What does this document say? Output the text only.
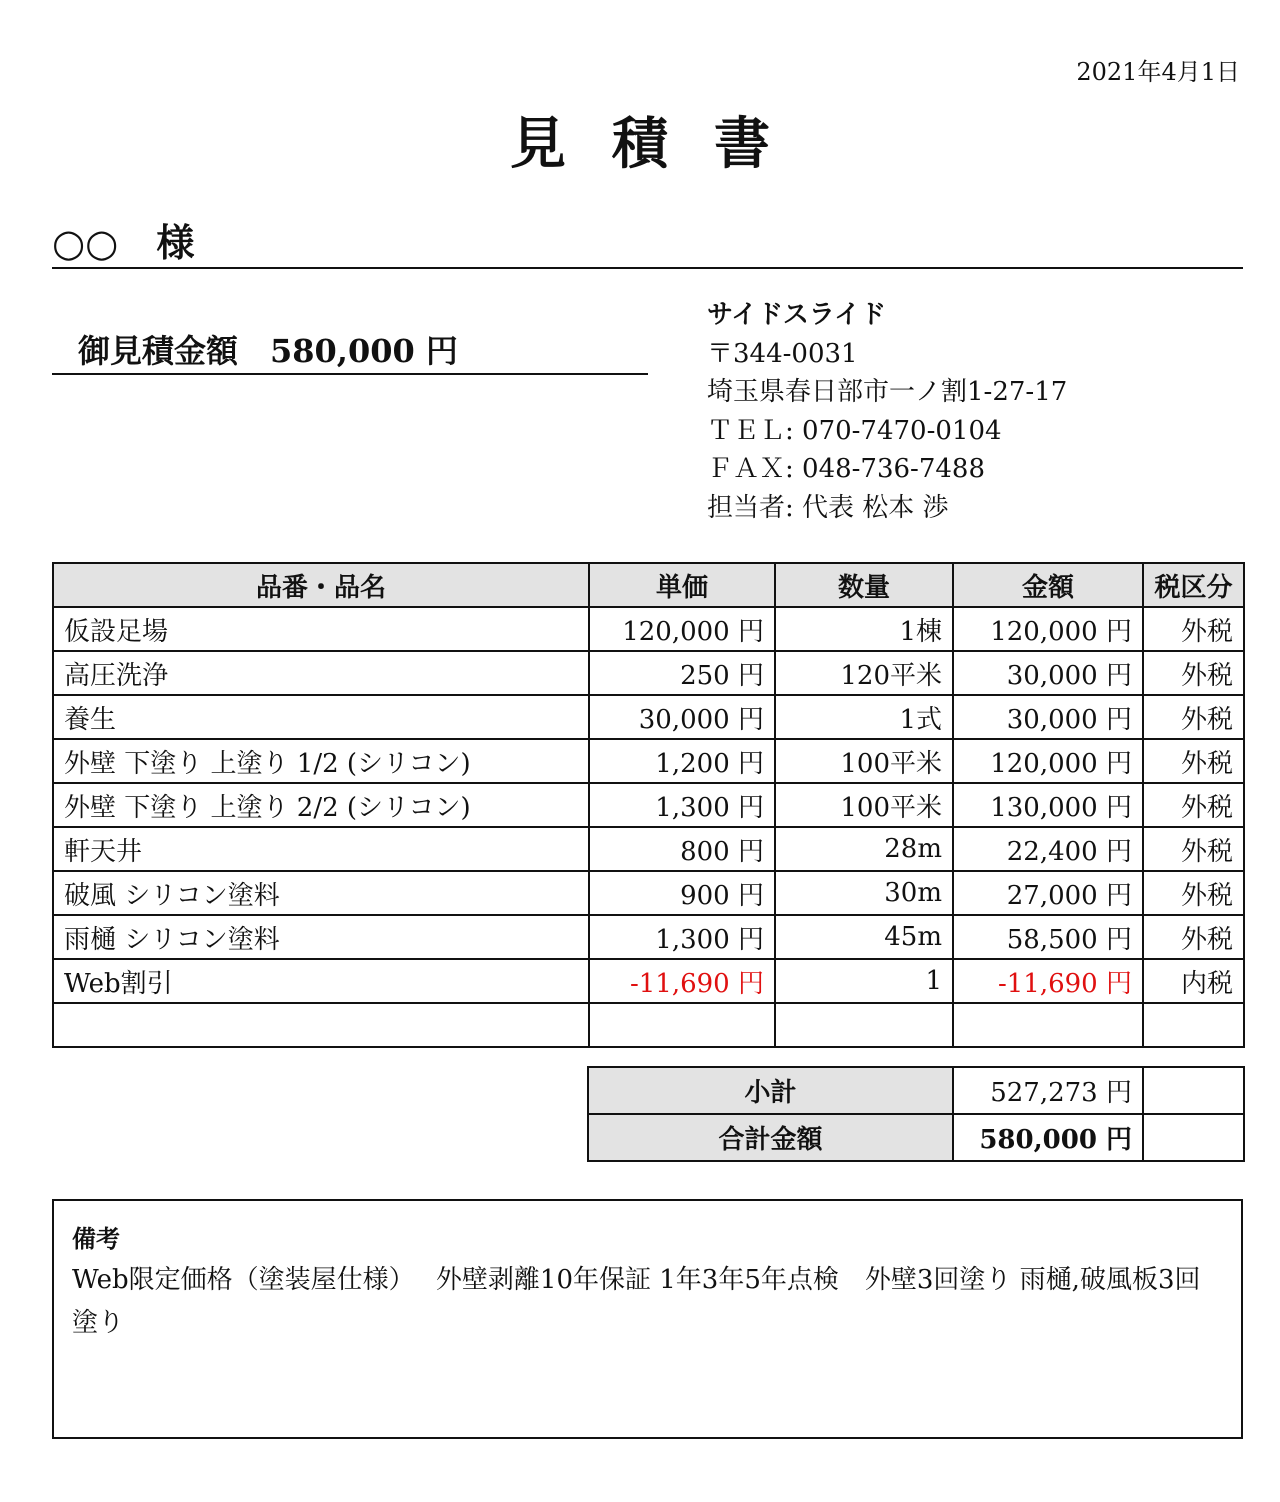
2021年4月1日
見積書
○○　様
御見積金額　580,000 円
サイドスライド
〒344-0031
埼玉県春日部市一ノ割1-27-17
ＴＥＬ: 070-7470-0104
ＦＡＸ: 048-736-7488
担当者: 代表 松本 渉
品番・品名	単価	数量	金額	税区分
仮設足場	120,000 円	1棟	120,000 円	外税
高圧洗浄	250 円	120平米	30,000 円	外税
養生	30,000 円	1式	30,000 円	外税
外壁 下塗り 上塗り 1/2 (シリコン)	1,200 円	100平米	120,000 円	外税
外壁 下塗り 上塗り 2/2 (シリコン)	1,300 円	100平米	130,000 円	外税
軒天井	800 円	28m	22,400 円	外税
破風 シリコン塗料	900 円	30m	27,000 円	外税
雨樋 シリコン塗料	1,300 円	45m	58,500 円	外税
Web割引	-11,690 円	1	-11,690 円	内税

小計	527,273 円	
合計金額	580,000 円	
備考
Web限定価格（塗装屋仕様）　 外壁剥離10年保証 1年3年5年点検　外壁3回塗り 雨樋,破風板3回塗り
